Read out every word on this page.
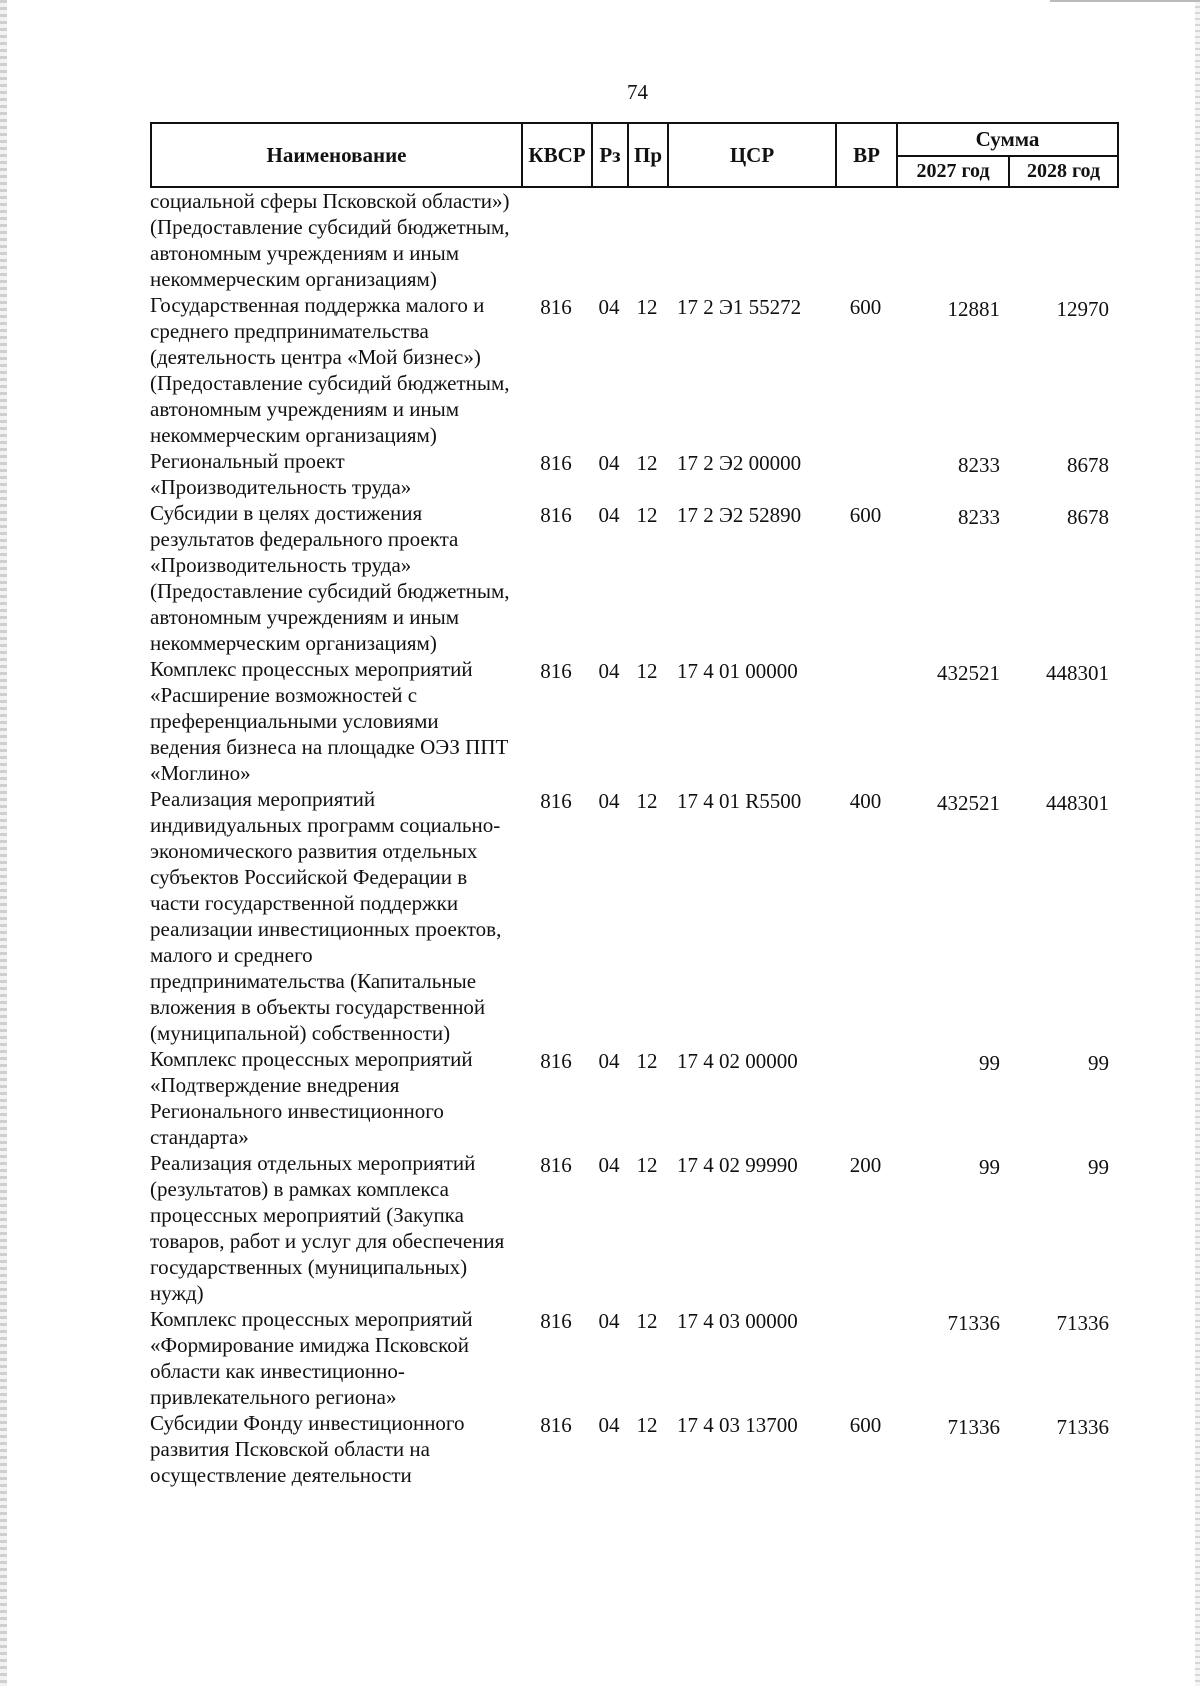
74
Наименование	КВСР	Рз	Пр	ЦСР	ВР	Сумма	
						2027 год	2028 год
социальной сферы Псковской области») (Предоставление субсидий бюджетным, автономным учреждениям и иным некоммерческим организациям)							
Государственная поддержка малого и среднего предпринимательства (деятельность центра «Мой бизнес») (Предоставление субсидий бюджетным, автономным учреждениям и иным некоммерческим организациям)	816	04	12	17 2 Э1 55272	600	12881	12970
Региональный проект «Производительность труда»	816	04	12	17 2 Э2 00000		8233	8678
Субсидии в целях достижения результатов федерального проекта «Производительность труда» (Предоставление субсидий бюджетным, автономным учреждениям и иным некоммерческим организациям)	816	04	12	17 2 Э2 52890	600	8233	8678
Комплекс процессных мероприятий «Расширение возможностей с преференциальными условиями ведения бизнеса на площадке ОЭЗ ППТ «Моглино»	816	04	12	17 4 01 00000		432521	448301
Реализация мероприятий индивидуальных программ социально-экономического развития отдельных субъектов Российской Федерации в части государственной поддержки реализации инвестиционных проектов, малого и среднего предпринимательства (Капитальные вложения в объекты государственной (муниципальной) собственности)	816	04	12	17 4 01 R5500	400	432521	448301
Комплекс процессных мероприятий «Подтверждение внедрения Регионального инвестиционного стандарта»	816	04	12	17 4 02 00000		99	99
Реализация отдельных мероприятий (результатов) в рамках комплекса процессных мероприятий (Закупка товаров, работ и услуг для обеспечения государственных (муниципальных) нужд)	816	04	12	17 4 02 99990	200	99	99
Комплекс процессных мероприятий «Формирование имиджа Псковской области как инвестиционно-привлекательного региона»	816	04	12	17 4 03 00000		71336	71336
Субсидии Фонду инвестиционного развития Псковской области на осуществление деятельности	816	04	12	17 4 03 13700	600	71336	71336
